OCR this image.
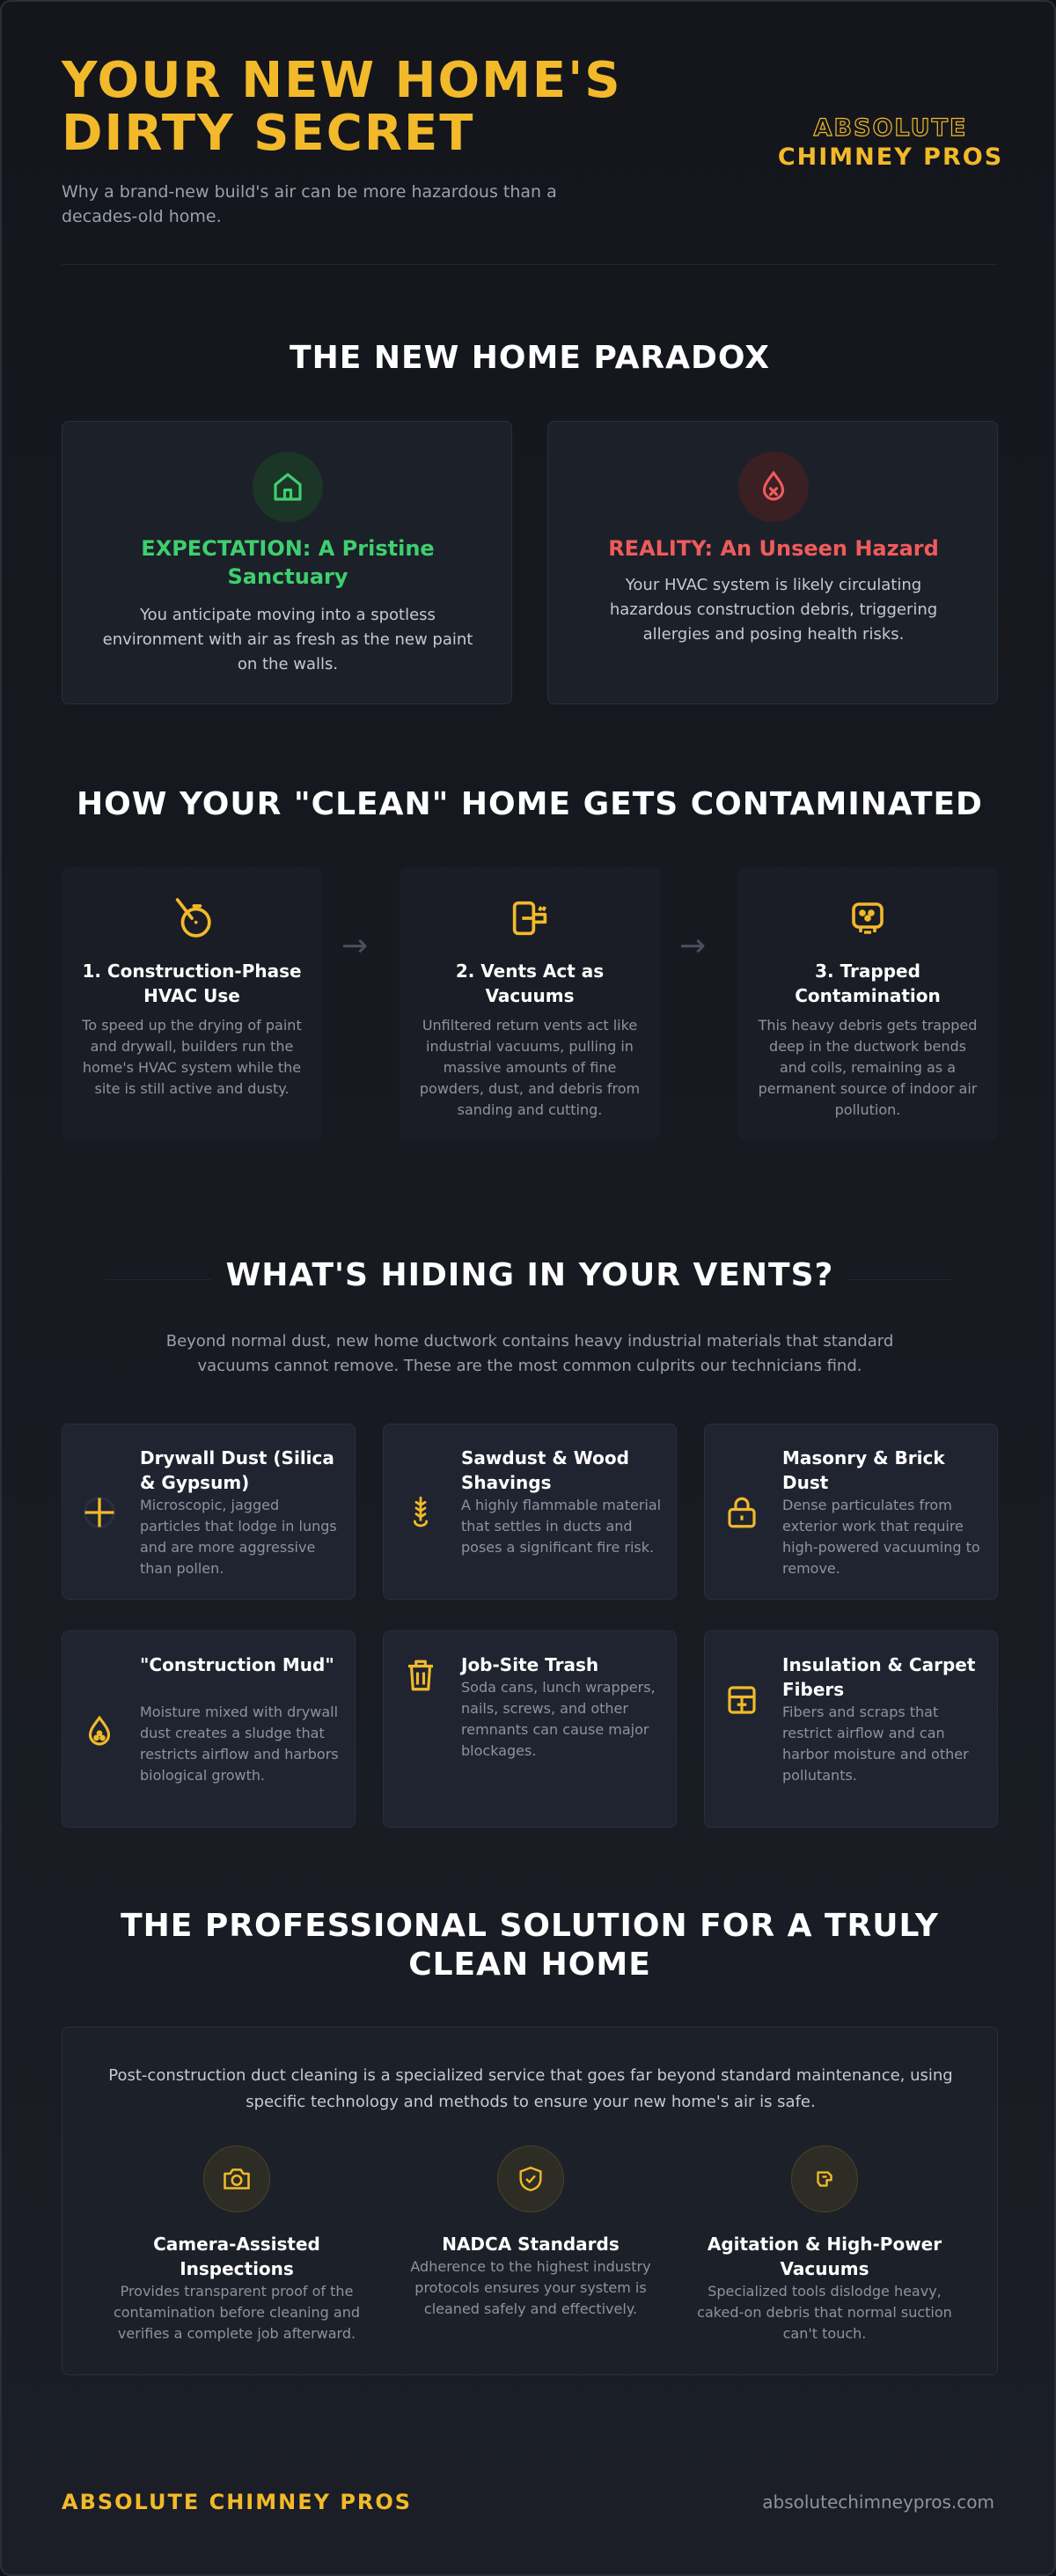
YOUR NEW HOME'S DIRTY SECRET

Why a brand-new build's air can be more hazardous than a decades-old home.

ABSOLUTE
CHIMNEY PROS
THE NEW HOME PARADOX
EXPECTATION: A Pristine Sanctuary

You anticipate moving into a spotless environment with air as fresh as the new paint on the walls.

REALITY: An Unseen Hazard

Your HVAC system is likely circulating hazardous construction debris, triggering allergies and posing health risks.

HOW YOUR "CLEAN" HOME GETS CONTAMINATED
1. Construction-Phase HVAC Use

To speed up the drying of paint and drywall, builders run the home's HVAC system while the site is still active and dusty.

→
2. Vents Act as Vacuums

Unfiltered return vents act like industrial vacuums, pulling in massive amounts of fine powders, dust, and debris from sanding and cutting.

→
3. Trapped Contamination

This heavy debris gets trapped deep in the ductwork bends and coils, remaining as a permanent source of indoor air pollution.

WHAT'S HIDING IN YOUR VENTS?

Beyond normal dust, new home ductwork contains heavy industrial materials that standard vacuums cannot remove. These are the most common culprits our technicians find.

Drywall Dust (Silica & Gypsum)

Microscopic, jagged particles that lodge in lungs and are more aggressive than pollen.

Sawdust & Wood Shavings

A highly flammable material that settles in ducts and poses a significant fire risk.

Masonry & Brick Dust

Dense particulates from exterior work that require high-powered vacuuming to remove.

"Construction Mud"

Moisture mixed with drywall dust creates a sludge that restricts airflow and harbors biological growth.

Job-Site Trash

Soda cans, lunch wrappers, nails, screws, and other remnants can cause major blockages.

Insulation & Carpet Fibers

Fibers and scraps that restrict airflow and can harbor moisture and other pollutants.

THE PROFESSIONAL SOLUTION FOR A TRULY CLEAN HOME

Post-construction duct cleaning is a specialized service that goes far beyond standard maintenance, using specific technology and methods to ensure your new home's air is safe.

Camera-Assisted Inspections

Provides transparent proof of the contamination before cleaning and verifies a complete job afterward.

NADCA Standards

Adherence to the highest industry protocols ensures your system is cleaned safely and effectively.

Agitation & High-Power Vacuums

Specialized tools dislodge heavy, caked-on debris that normal suction can't touch.

ABSOLUTE CHIMNEY PROS	absolutechimneypros.com
